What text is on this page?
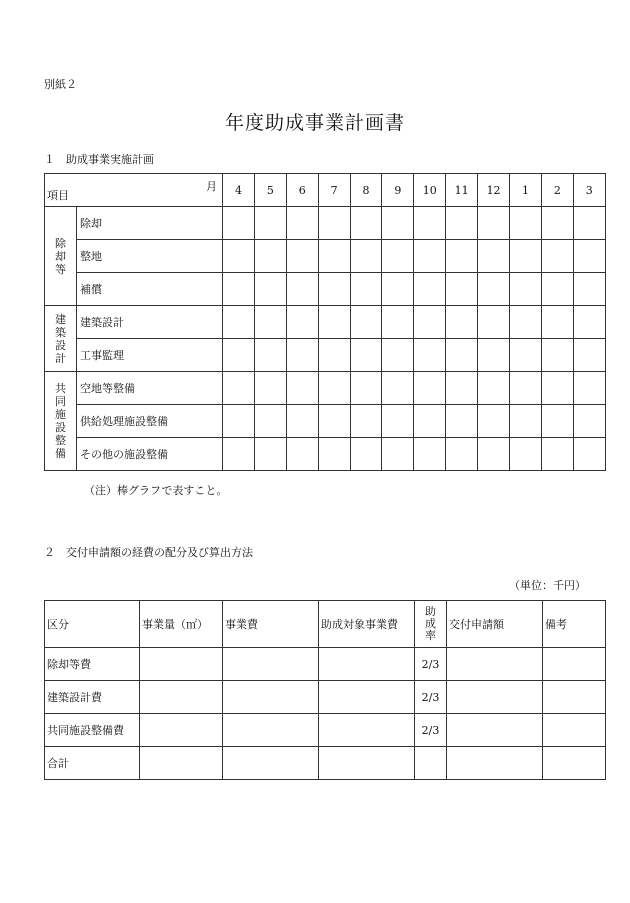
別紙２
年度助成事業計画書
１　助成事業実施計画
月
項目		4	5	6	7	8	9	10	11	12	1	2	3
除却等	除却												
	整地												
	補償												
建築設計	建築設計												
	工事監理												
共同施設整備	空地等整備												
	供給処理施設整備												
	その他の施設整備												
（注）棒グラフで表すこと。
２　交付申請額の経費の配分及び算出方法
（単位：千円）
区分	事業量（㎡）	事業費	助成対象事業費	助成率	交付申請額	備考
除却等費				2/3		
建築設計費				2/3		
共同施設整備費				2/3		
合計						
